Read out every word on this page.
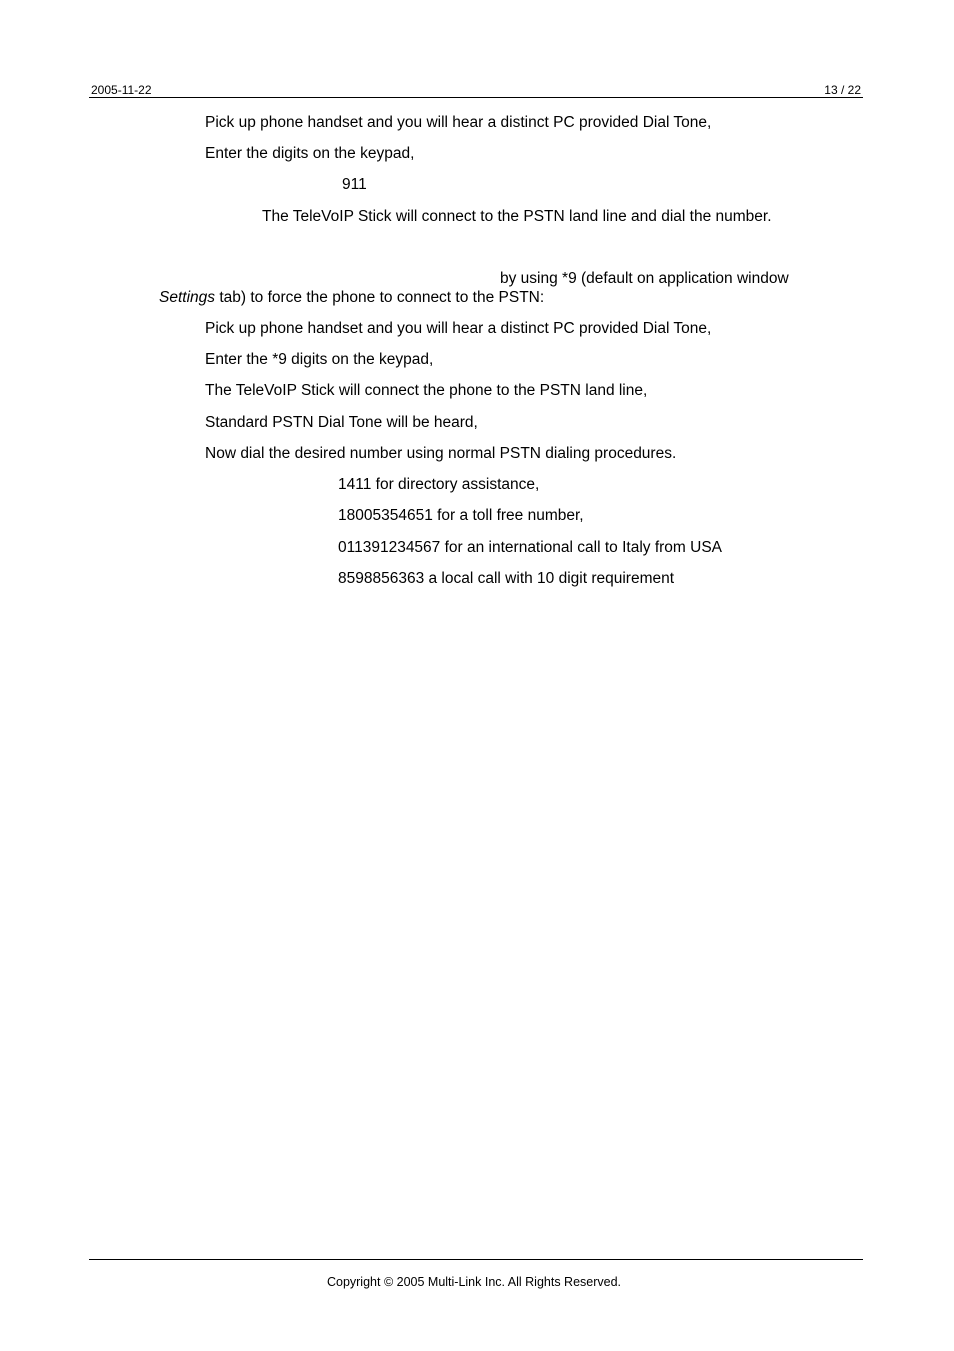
2005-11-22	13 / 22
Pick up phone handset and you will hear a distinct PC provided Dial Tone,
Enter the digits on the keypad,
911
The TeleVoIP Stick will connect to the PSTN land line and dial the number.
by using *9 (default on application window
Settings tab) to force the phone to connect to the PSTN:
Pick up phone handset and you will hear a distinct PC provided Dial Tone,
Enter the *9 digits on the keypad,
The TeleVoIP Stick will connect the phone to the PSTN land line,
Standard PSTN Dial Tone will be heard,
Now dial the desired number using normal PSTN dialing procedures.
1411 for directory assistance,
18005354651 for a toll free number,
011391234567 for an international call to Italy from USA
8598856363 a local call with 10 digit requirement
Copyright © 2005 Multi-Link Inc. All Rights Reserved.
